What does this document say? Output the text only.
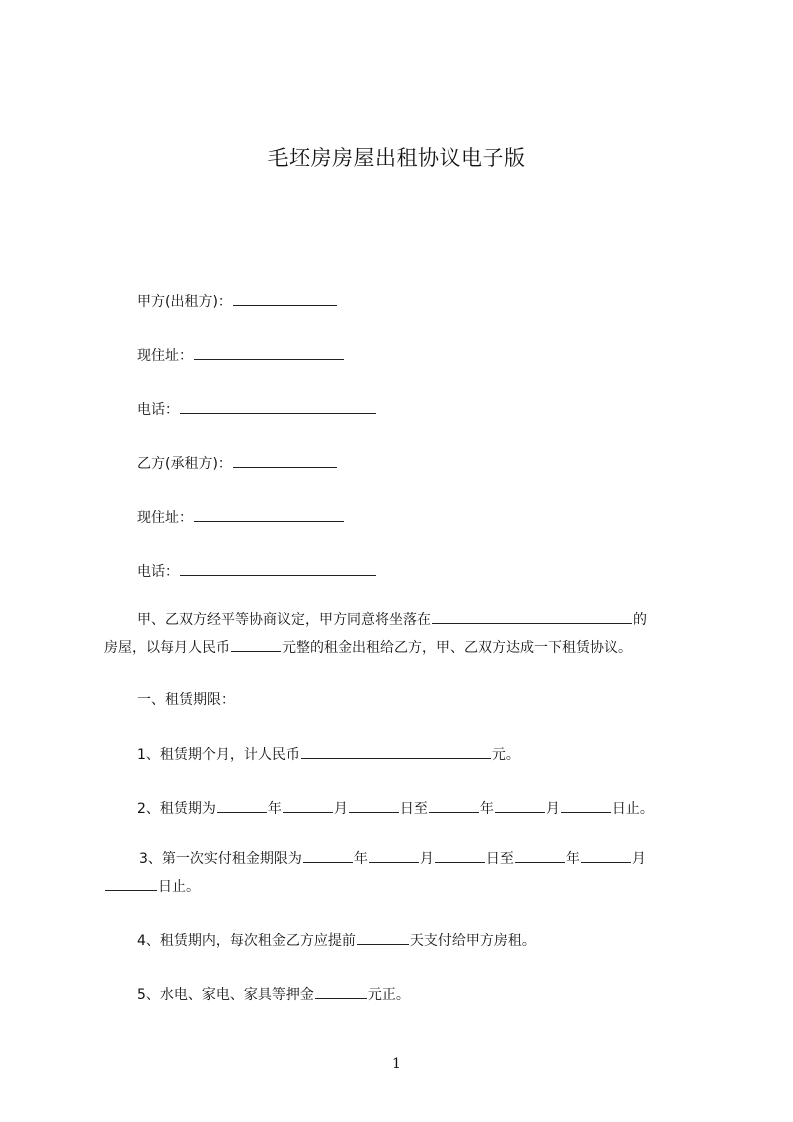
毛坯房房屋出租协议电子版
甲方(出租方)：
现住址：
电话：
乙方(承租方)：
现住址：
电话：
甲、乙双方经平等协商议定，甲方同意将坐落在	的
房屋，以每月人民币	元整的租金出租给乙方，甲、乙双方达成一下租赁协议。
一、租赁期限：
1、租赁期个月，计人民币	元。
2、租赁期为	年	月	日至	年	月	日止。
3、第一次实付租金期限为	年	月	日至	年	月
日止。
4、租赁期内，每次租金乙方应提前	天支付给甲方房租。
5、水电、家电、家具等押金	元正。
1
